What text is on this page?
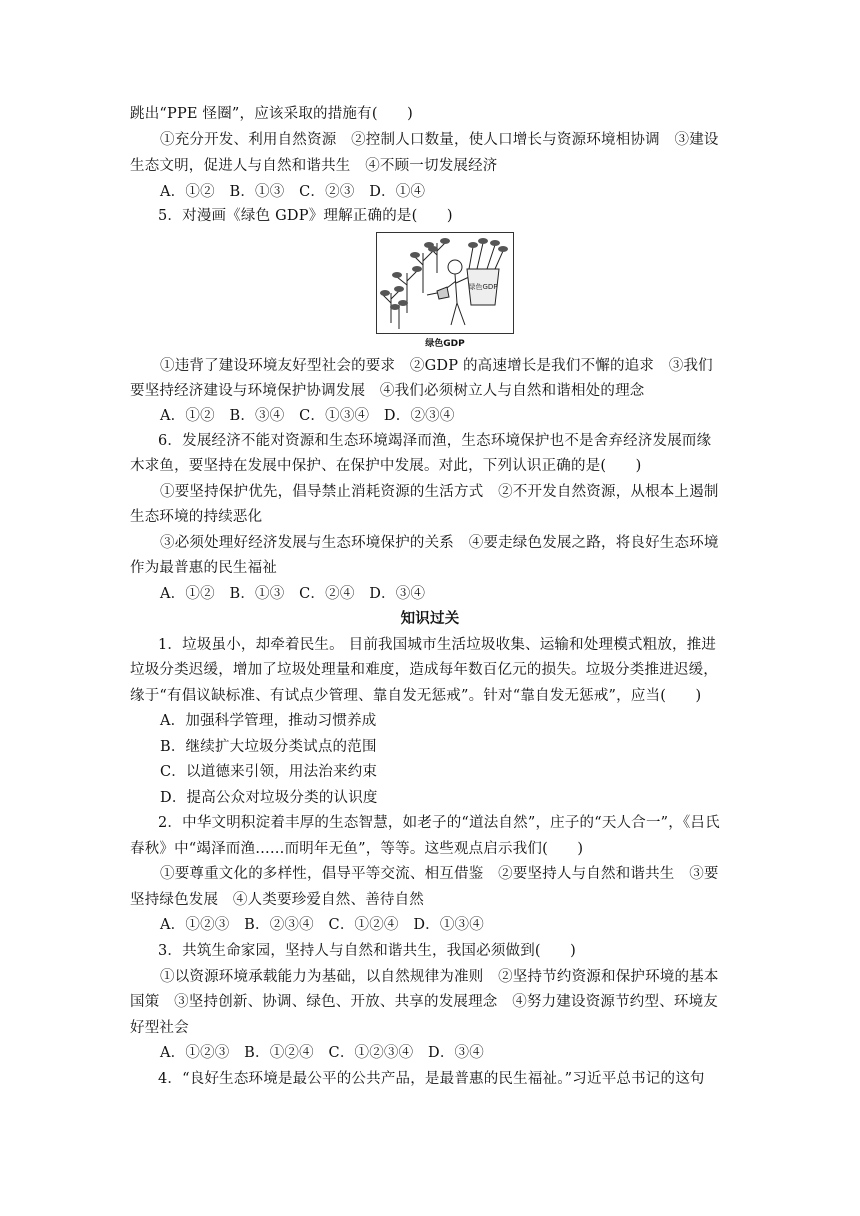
跳出“PPE 怪圈”，应该采取的措施有(　　)
①充分开发、利用自然资源　②控制人口数量，使人口增长与资源环境相协调　③建设
生态文明，促进人与自然和谐共生　④不顾一切发展经济
A．①②　B．①③　C．②③　D．①④
5．对漫画《绿色 GDP》理解正确的是(　　)
绿色GDP
绿色GDP
①违背了建设环境友好型社会的要求　②GDP 的高速增长是我们不懈的追求　③我们
要坚持经济建设与环境保护协调发展　④我们必须树立人与自然和谐相处的理念
A．①②　B．③④　C．①③④　D．②③④
6．发展经济不能对资源和生态环境竭泽而渔，生态环境保护也不是舍弃经济发展而缘
木求鱼，要坚持在发展中保护、在保护中发展。对此，下列认识正确的是(　　)
①要坚持保护优先，倡导禁止消耗资源的生活方式　②不开发自然资源，从根本上遏制
生态环境的持续恶化
③必须处理好经济发展与生态环境保护的关系　④要走绿色发展之路，将良好生态环境
作为最普惠的民生福祉
A．①②　B．①③　C．②④　D．③④
知识过关
1．垃圾虽小，却牵着民生。 目前我国城市生活垃圾收集、运输和处理模式粗放，推进
垃圾分类迟缓，增加了垃圾处理量和难度，造成每年数百亿元的损失。垃圾分类推进迟缓，
缘于“有倡议缺标准、有试点少管理、靠自发无惩戒”。针对“靠自发无惩戒”，应当(　　)
A．加强科学管理，推动习惯养成
B．继续扩大垃圾分类试点的范围
C．以道德来引领，用法治来约束
D．提高公众对垃圾分类的认识度
2．中华文明积淀着丰厚的生态智慧，如老子的“道法自然”，庄子的“天人合一”，《吕氏
春秋》中“竭泽而渔……而明年无鱼”，等等。这些观点启示我们(　　)
①要尊重文化的多样性，倡导平等交流、相互借鉴　②要坚持人与自然和谐共生　③要
坚持绿色发展　④人类要珍爱自然、善待自然
A．①②③　B．②③④　C．①②④　D．①③④
3．共筑生命家园，坚持人与自然和谐共生，我国必须做到(　　)
①以资源环境承载能力为基础，以自然规律为准则　②坚持节约资源和保护环境的基本
国策　③坚持创新、协调、绿色、开放、共享的发展理念　④努力建设资源节约型、环境友
好型社会
A．①②③　B．①②④　C．①②③④　D．③④
4．“良好生态环境是最公平的公共产品，是最普惠的民生福祉。”习近平总书记的这句
